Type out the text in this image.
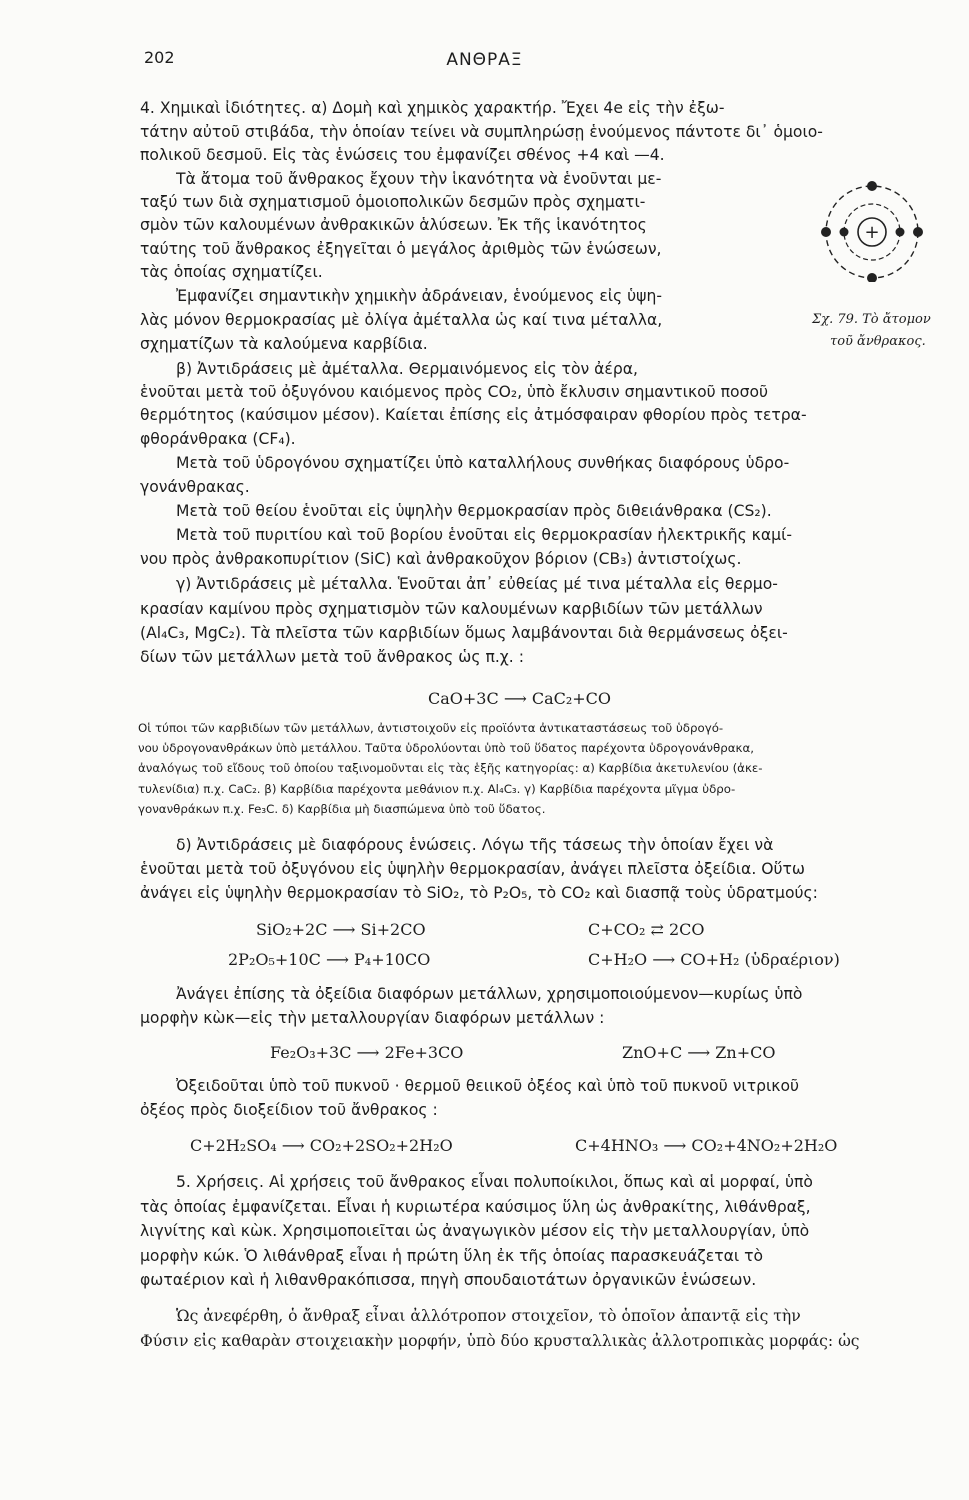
202	ΑΝΘΡΑΞ
4. Χημικαὶ ἰδιότητες. α) Δομὴ καὶ χημικὸς χαρακτήρ. Ἔχει 4e εἰς τὴν ἐξω-
τάτην αὐτοῦ στιβάδα, τὴν ὁποίαν τείνει νὰ συμπληρώσῃ ἑνούμενος πάντοτε δι᾽ ὁμοιο-
πολικοῦ δεσμοῦ. Εἰς τὰς ἑνώσεις του ἐμφανίζει σθένος +4 καὶ —4.
Τὰ ἄτομα τοῦ ἄνθρακος ἔχουν τὴν ἱκανότητα νὰ ἑνοῦνται με-
ταξύ των διὰ σχηματισμοῦ ὁμοιοπολικῶν δεσμῶν πρὸς σχηματι-
σμὸν τῶν καλουμένων ἀνθρακικῶν ἁλύσεων. Ἐκ τῆς ἱκανότητος
ταύτης τοῦ ἄνθρακος ἐξηγεῖται ὁ μεγάλος ἀριθμὸς τῶν ἑνώσεων,
τὰς ὁποίας σχηματίζει.
Ἐμφανίζει σημαντικὴν χημικὴν ἀδράνειαν, ἑνούμενος εἰς ὑψη-
λὰς μόνον θερμοκρασίας μὲ ὀλίγα ἀμέταλλα ὡς καί τινα μέταλλα,
σχηματίζων τὰ καλούμενα καρβίδια.
β) Ἀντιδράσεις μὲ ἀμέταλλα. Θερμαινόμενος εἰς τὸν ἀέρα,
ἑνοῦται μετὰ τοῦ ὀξυγόνου καιόμενος πρὸς CO₂, ὑπὸ ἔκλυσιν σημαντικοῦ ποσοῦ
θερμότητος (καύσιμον μέσον). Καίεται ἐπίσης εἰς ἀτμόσφαιραν φθορίου πρὸς τετρα-
φθοράνθρακα (CF₄).
Μετὰ τοῦ ὑδρογόνου σχηματίζει ὑπὸ καταλλήλους συνθήκας διαφόρους ὑδρο-
γονάνθρακας.
Μετὰ τοῦ θείου ἑνοῦται εἰς ὑψηλὴν θερμοκρασίαν πρὸς διθειάνθρακα (CS₂).
Μετὰ τοῦ πυριτίου καὶ τοῦ βορίου ἑνοῦται εἰς θερμοκρασίαν ἠλεκτρικῆς καμί-
νου πρὸς ἀνθρακοπυρίτιον (SiC) καὶ ἀνθρακοῦχον βόριον (CB₃) ἀντιστοίχως.
γ) Ἀντιδράσεις μὲ μέταλλα. Ἑνοῦται ἀπ᾽ εὐθείας μέ τινα μέταλλα εἰς θερμο-
κρασίαν καμίνου πρὸς σχηματισμὸν τῶν καλουμένων καρβιδίων τῶν μετάλλων
(Al₄C₃, MgC₂). Τὰ πλεῖστα τῶν καρβιδίων ὅμως λαμβάνονται διὰ θερμάνσεως ὀξει-
δίων τῶν μετάλλων μετὰ τοῦ ἄνθρακος ὡς π.χ. :
CaO+3C ⟶ CaC₂+CO
Οἱ τύποι τῶν καρβιδίων τῶν μετάλλων, ἀντιστοιχοῦν εἰς προϊόντα ἀντικαταστάσεως τοῦ ὑδρογό-
νου ὑδρογονανθράκων ὑπὸ μετάλλου. Ταῦτα ὑδρολύονται ὑπὸ τοῦ ὕδατος παρέχοντα ὑδρογονάνθρακα,
ἀναλόγως τοῦ εἴδους τοῦ ὁποίου ταξινομοῦνται εἰς τὰς ἑξῆς κατηγορίας: α) Καρβίδια ἀκετυλενίου (ἀκε-
τυλενίδια) π.χ. CaC₂. β) Καρβίδια παρέχοντα μεθάνιον π.χ. Al₄C₃. γ) Καρβίδια παρέχοντα μῖγμα ὑδρο-
γονανθράκων π.χ. Fe₃C. δ) Καρβίδια μὴ διασπώμενα ὑπὸ τοῦ ὕδατος.
δ) Ἀντιδράσεις μὲ διαφόρους ἑνώσεις. Λόγω τῆς τάσεως τὴν ὁποίαν ἔχει νὰ
ἑνοῦται μετὰ τοῦ ὀξυγόνου εἰς ὑψηλὴν θερμοκρασίαν, ἀνάγει πλεῖστα ὀξείδια. Οὕτω
ἀνάγει εἰς ὑψηλὴν θερμοκρασίαν τὸ SiO₂, τὸ P₂O₅, τὸ CO₂ καὶ διασπᾷ τοὺς ὑδρατμούς:
SiO₂+2C ⟶ Si+2CO	C+CO₂ ⇄ 2CO
2P₂O₅+10C ⟶ P₄+10CO	C+H₂O ⟶ CO+H₂ (ὑδραέριον)
Ἀνάγει ἐπίσης τὰ ὀξείδια διαφόρων μετάλλων, χρησιμοποιούμενον—κυρίως ὑπὸ
μορφὴν κὼκ—εἰς τὴν μεταλλουργίαν διαφόρων μετάλλων :
Fe₂O₃+3C ⟶ 2Fe+3CO	ZnO+C ⟶ Zn+CO
Ὀξειδοῦται ὑπὸ τοῦ πυκνοῦ · θερμοῦ θειικοῦ ὀξέος καὶ ὑπὸ τοῦ πυκνοῦ νιτρικοῦ
ὀξέος πρὸς διοξείδιον τοῦ ἄνθρακος :
C+2H₂SO₄ ⟶ CO₂+2SO₂+2H₂O	C+4HNO₃ ⟶ CO₂+4NO₂+2H₂O
5. Χρήσεις. Αἱ χρήσεις τοῦ ἄνθρακος εἶναι πολυποίκιλοι, ὅπως καὶ αἱ μορφαί, ὑπὸ
τὰς ὁποίας ἐμφανίζεται. Εἶναι ἡ κυριωτέρα καύσιμος ὕλη ὡς ἀνθρακίτης, λιθάνθραξ,
λιγνίτης καὶ κὼκ. Χρησιμοποιεῖται ὡς ἀναγωγικὸν μέσον εἰς τὴν μεταλλουργίαν, ὑπὸ
μορφὴν κώκ. Ὁ λιθάνθραξ εἶναι ἡ πρώτη ὕλη ἐκ τῆς ὁποίας παρασκευάζεται τὸ
φωταέριον καὶ ἡ λιθανθρακόπισσα, πηγὴ σπουδαιοτάτων ὀργανικῶν ἑνώσεων.
Ὡς ἀνεφέρθη, ὁ ἄνθραξ εἶναι ἀλλότροπον στοιχεῖον, τὸ ὁποῖον ἀπαντᾷ εἰς τὴν
Φύσιν εἰς καθαρὰν στοιχειακὴν μορφήν, ὑπὸ δύο κρυσταλλικὰς ἀλλοτροπικὰς μορφάς: ὡς
+
Σχ. 79. Τὸ ἄτομον
τοῦ ἄνθρακος.
